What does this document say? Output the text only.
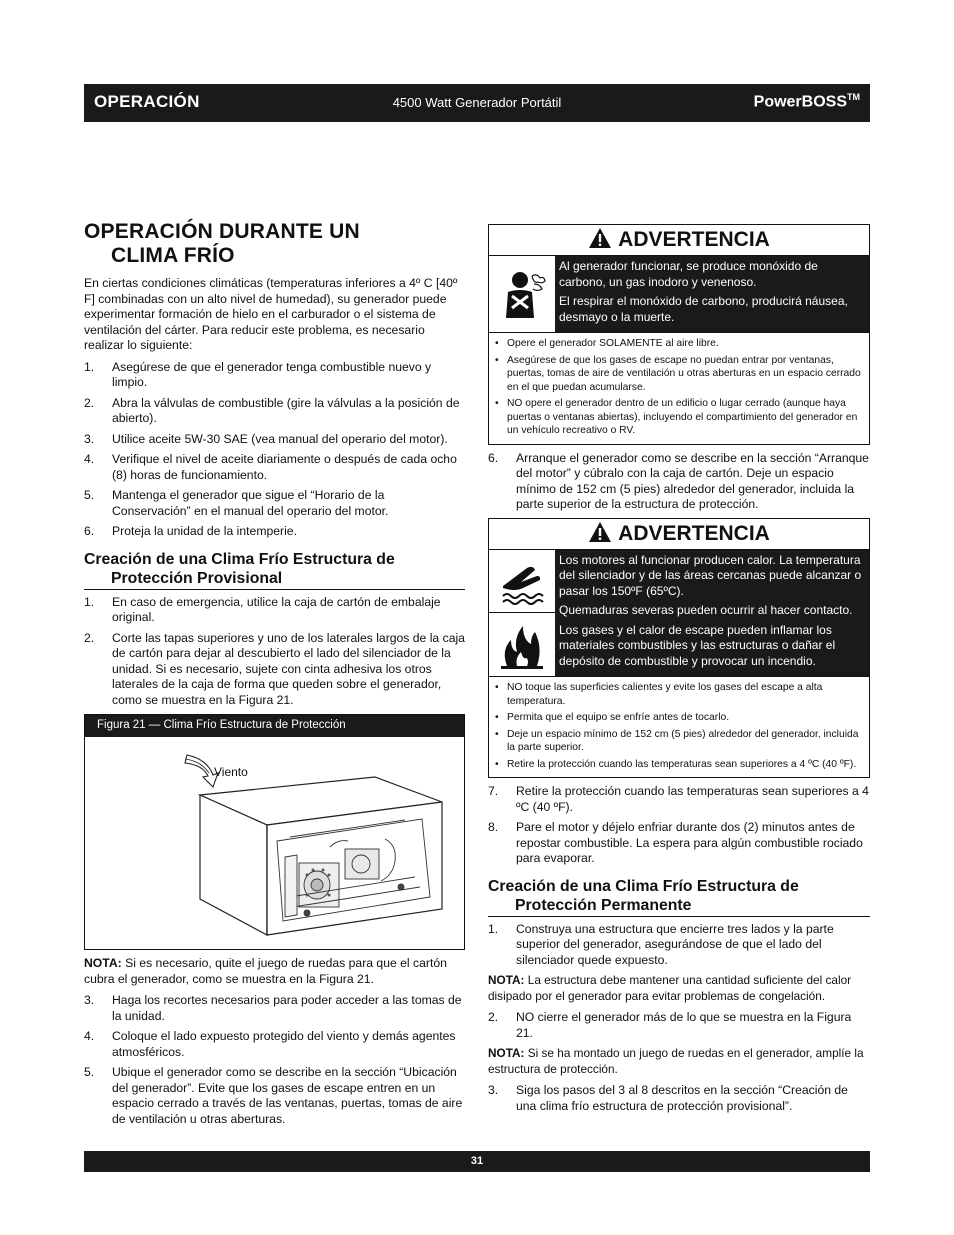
OPERACIÓN	4500 Watt Generador Portátil	PowerBOSS™
OPERACIÓN DURANTE UN
CLIMA FRÍO

En ciertas condiciones climáticas (temperaturas inferiores a 4º C [40º F] combinadas con un alto nivel de humedad), su generador puede experimentar formación de hielo en el carburador o el sistema de ventilación del cárter. Para reducir este problema, es necesario realizar lo siguiente:

1. Asegúrese de que el generador tenga combustible nuevo y limpio.
2. Abra la válvulas de combustible (gire la válvulas a la posición de abierto).
3. Utilice aceite 5W-30 SAE (vea manual del operario del motor).
4. Verifique el nivel de aceite diariamente o después de cada ocho (8) horas de funcionamiento.
5. Mantenga el generador que sigue el “Horario de la Conservación” en el manual del operario del motor.
6. Proteja la unidad de la intemperie.
Creación de una Clima Frío Estructura de
Protección Provisional
1. En caso de emergencia, utilice la caja de cartón de embalaje original.
2. Corte las tapas superiores y uno de los laterales largos de la caja de cartón para dejar al descubierto el lado del silenciador de la unidad. Si es necesario, sujete con cinta adhesiva los otros laterales de la caja de forma que queden sobre el generador, como se muestra en la Figura 21.
Figura 21 — Clima Frío Estructura de Protección
Viento

NOTA: Si es necesario, quite el juego de ruedas para que el cartón cubra el generador, como se muestra en la Figura 21.

3. Haga los recortes necesarios para poder acceder a las tomas de la unidad.
4. Coloque el lado expuesto protegido del viento y demás agentes atmosféricos.
5. Ubique el generador como se describe en la sección “Ubicación del generador”. Evite que los gases de escape entren en un espacio cerrado a través de las ventanas, puertas, tomas de aire de ventilación u otras aberturas.
ADVERTENCIA

Al generador funcionar, se produce monóxido de carbono, un gas inodoro y venenoso.

El respirar el monóxido de carbono, producirá náusea, desmayo o la muerte.

• Opere el generador SOLAMENTE al aire libre.
• Asegúrese de que los gases de escape no puedan entrar por ventanas, puertas, tomas de aire de ventilación u otras aberturas en un espacio cerrado en el que puedan acumularse.
• NO opere el generador dentro de un edificio o lugar cerrado (aunque haya puertas o ventanas abiertas), incluyendo el compartimiento del generador en un vehículo recreativo o RV.
6. Arranque el generador como se describe en la sección “Arranque del motor” y cúbralo con la caja de cartón. Deje un espacio mínimo de 152 cm (5 pies) alrededor del generador, incluida la parte superior de la estructura de protección.
ADVERTENCIA

Los motores al funcionar producen calor. La temperatura del silenciador y de las áreas cercanas puede alcanzar o pasar los 150ºF (65ºC).

Quemaduras severas pueden ocurrir al hacer contacto.

Los gases y el calor de escape pueden inflamar los materiales combustibles y las estructuras o dañar el depósito de combustible y provocar un incendio.

• NO toque las superficies calientes y evite los gases del escape a alta temperatura.
• Permita que el equipo se enfríe antes de tocarlo.
• Deje un espacio mínimo de 152 cm (5 pies) alrededor del generador, incluida la parte superior.
• Retire la protección cuando las temperaturas sean superiores a 4 ºC (40 ºF).
7. Retire la protección cuando las temperaturas sean superiores a 4 ºC (40 ºF).
8. Pare el motor y déjelo enfriar durante dos (2) minutos antes de repostar combustible. La espera para algún combustible rociado para evaporar.
Creación de una Clima Frío Estructura de
Protección Permanente
1. Construya una estructura que encierre tres lados y la parte superior del generador, asegurándose de que el lado del silenciador quede expuesto.

NOTA: La estructura debe mantener una cantidad suficiente del calor disipado por el generador para evitar problemas de congelación.

2. NO cierre el generador más de lo que se muestra en la Figura 21.

NOTA: Si se ha montado un juego de ruedas en el generador, amplíe la estructura de protección.

3. Siga los pasos del 3 al 8 descritos en la sección “Creación de una clima frío estructura de protección provisional”.
31
